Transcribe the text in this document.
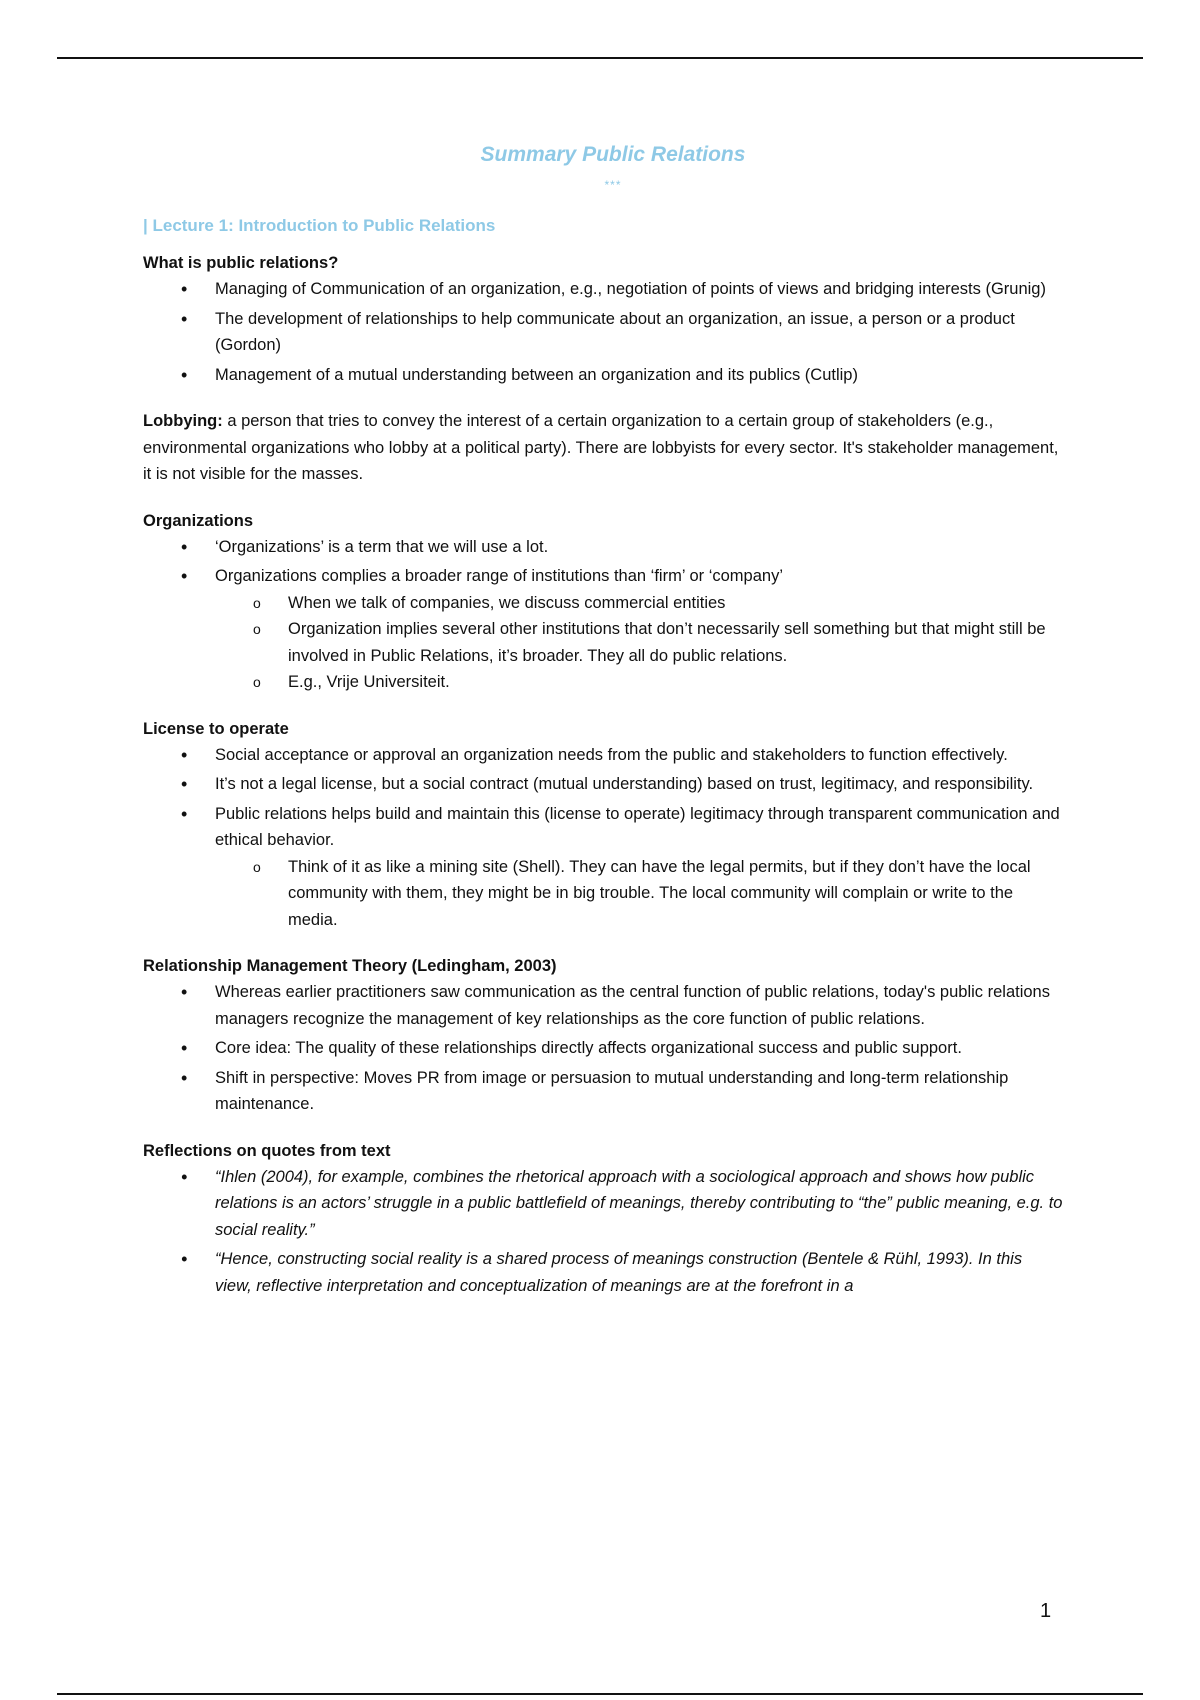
Summary Public Relations
***
| Lecture 1: Introduction to Public Relations
What is public relations?
• Managing of Communication of an organization, e.g., negotiation of points of views and bridging interests (Grunig)
• The development of relationships to help communicate about an organization, an issue, a person or a product (Gordon)
• Management of a mutual understanding between an organization and its publics (Cutlip)

Lobbying: a person that tries to convey the interest of a certain organization to a certain group of stakeholders (e.g., environmental organizations who lobby at a political party). There are lobbyists for every sector. It's stakeholder management, it is not visible for the masses.

Organizations
• ‘Organizations’ is a term that we will use a lot.
• Organizations complies a broader range of institutions than ‘firm’ or ‘company’
o When we talk of companies, we discuss commercial entities
o Organization implies several other institutions that don’t necessarily sell something but that might still be involved in Public Relations, it’s broader. They all do public relations.
o E.g., Vrije Universiteit.
License to operate
• Social acceptance or approval an organization needs from the public and stakeholders to function effectively.
• It’s not a legal license, but a social contract (mutual understanding) based on trust, legitimacy, and responsibility.
• Public relations helps build and maintain this (license to operate) legitimacy through transparent communication and ethical behavior.
o Think of it as like a mining site (Shell). They can have the legal permits, but if they don’t have the local community with them, they might be in big trouble. The local community will complain or write to the media.
Relationship Management Theory (Ledingham, 2003)
• Whereas earlier practitioners saw communication as the central function of public relations, today's public relations managers recognize the management of key relationships as the core function of public relations.
• Core idea: The quality of these relationships directly affects organizational success and public support.
• Shift in perspective: Moves PR from image or persuasion to mutual understanding and long-term relationship maintenance.
Reflections on quotes from text
• “Ihlen (2004), for example, combines the rhetorical approach with a sociological approach and shows how public relations is an actors’ struggle in a public battlefield of meanings, thereby contributing to “the” public meaning, e.g. to social reality.”
• “Hence, constructing social reality is a shared process of meanings construction (Bentele & Rühl, 1993). In this view, reflective interpretation and conceptualization of meanings are at the forefront in a
1
